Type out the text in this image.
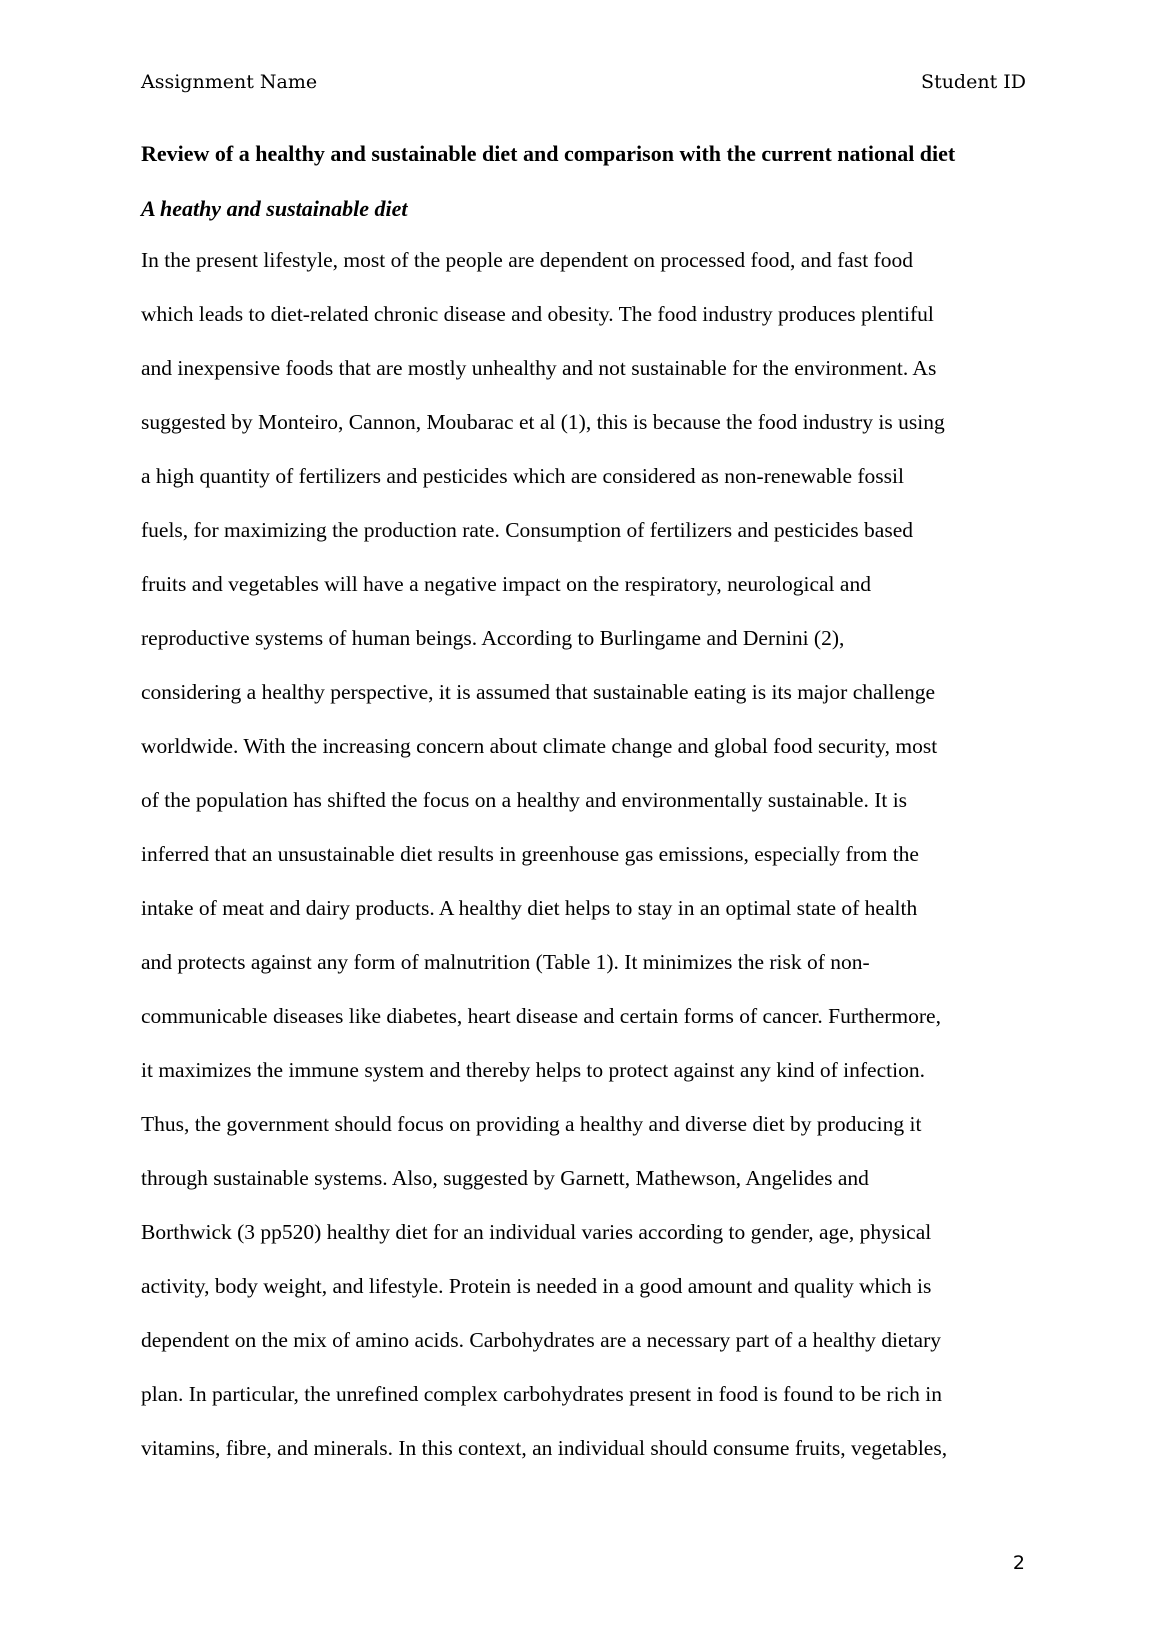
Assignment Name	Student ID
Review of a healthy and sustainable diet and comparison with the current national diet
A heathy and sustainable diet
In the present lifestyle, most of the people are dependent on processed food, and fast food
which leads to diet-related chronic disease and obesity. The food industry produces plentiful
and inexpensive foods that are mostly unhealthy and not sustainable for the environment. As
suggested by Monteiro, Cannon, Moubarac et al (1), this is because the food industry is using
a high quantity of fertilizers and pesticides which are considered as non-renewable fossil
fuels, for maximizing the production rate. Consumption of fertilizers and pesticides based
fruits and vegetables will have a negative impact on the respiratory, neurological and
reproductive systems of human beings. According to Burlingame and Dernini (2),
considering a healthy perspective, it is assumed that sustainable eating is its major challenge
worldwide. With the increasing concern about climate change and global food security, most
of the population has shifted the focus on a healthy and environmentally sustainable. It is
inferred that an unsustainable diet results in greenhouse gas emissions, especially from the
intake of meat and dairy products. A healthy diet helps to stay in an optimal state of health
and protects against any form of malnutrition (Table 1). It minimizes the risk of non-
communicable diseases like diabetes, heart disease and certain forms of cancer. Furthermore,
it maximizes the immune system and thereby helps to protect against any kind of infection.
Thus, the government should focus on providing a healthy and diverse diet by producing it
through sustainable systems. Also, suggested by Garnett, Mathewson, Angelides and
Borthwick (3 pp520) healthy diet for an individual varies according to gender, age, physical
activity, body weight, and lifestyle. Protein is needed in a good amount and quality which is
dependent on the mix of amino acids. Carbohydrates are a necessary part of a healthy dietary
plan. In particular, the unrefined complex carbohydrates present in food is found to be rich in
vitamins, fibre, and minerals. In this context, an individual should consume fruits, vegetables,
2
